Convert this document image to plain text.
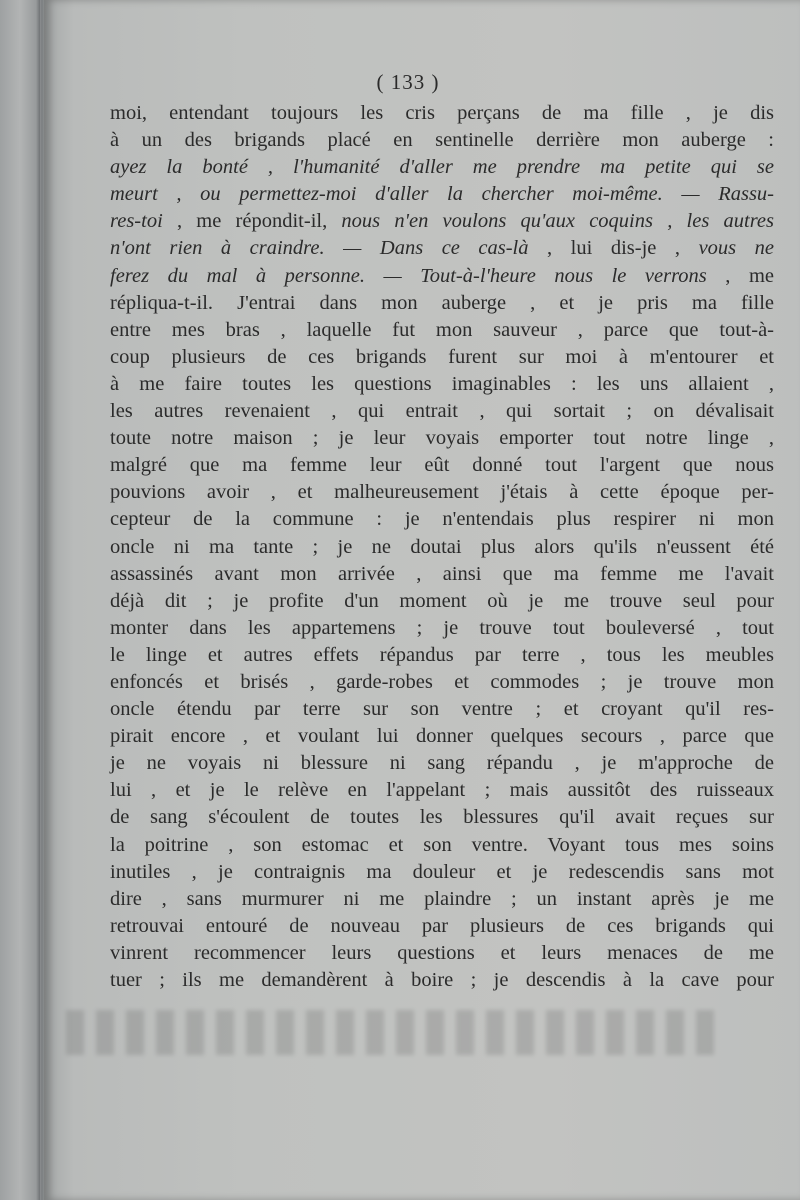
( 133 )
moi, entendant toujours les cris perçans de ma fille , je dis
à un des brigands placé en sentinelle derrière mon auberge :
ayez la bonté , l'humanité d'aller me prendre ma petite qui se
meurt , ou permettez-moi d'aller la chercher moi-même. — Rassu-
res-toi , me répondit-il, nous n'en voulons qu'aux coquins , les autres
n'ont rien à craindre. — Dans ce cas-là , lui dis-je , vous ne
ferez du mal à personne. — Tout-à-l'heure nous le verrons , me
répliqua-t-il. J'entrai dans mon auberge , et je pris ma fille
entre mes bras , laquelle fut mon sauveur , parce que tout-à-
coup plusieurs de ces brigands furent sur moi à m'entourer et
à me faire toutes les questions imaginables : les uns allaient ,
les autres revenaient , qui entrait , qui sortait ; on dévalisait
toute notre maison ; je leur voyais emporter tout notre linge ,
malgré que ma femme leur eût donné tout l'argent que nous
pouvions avoir , et malheureusement j'étais à cette époque per-
cepteur de la commune : je n'entendais plus respirer ni mon
oncle ni ma tante ; je ne doutai plus alors qu'ils n'eussent été
assassinés avant mon arrivée , ainsi que ma femme me l'avait
déjà dit ; je profite d'un moment où je me trouve seul pour
monter dans les appartemens ; je trouve tout bouleversé , tout
le linge et autres effets répandus par terre , tous les meubles
enfoncés et brisés , garde-robes et commodes ; je trouve mon
oncle étendu par terre sur son ventre ; et croyant qu'il res-
pirait encore , et voulant lui donner quelques secours , parce que
je ne voyais ni blessure ni sang répandu , je m'approche de
lui , et je le relève en l'appelant ; mais aussitôt des ruisseaux
de sang s'écoulent de toutes les blessures qu'il avait reçues sur
la poitrine , son estomac et son ventre. Voyant tous mes soins
inutiles , je contraignis ma douleur et je redescendis sans mot
dire , sans murmurer ni me plaindre ; un instant après je me
retrouvai entouré de nouveau par plusieurs de ces brigands qui
vinrent recommencer leurs questions et leurs menaces de me
tuer ; ils me demandèrent à boire ; je descendis à la cave pour
